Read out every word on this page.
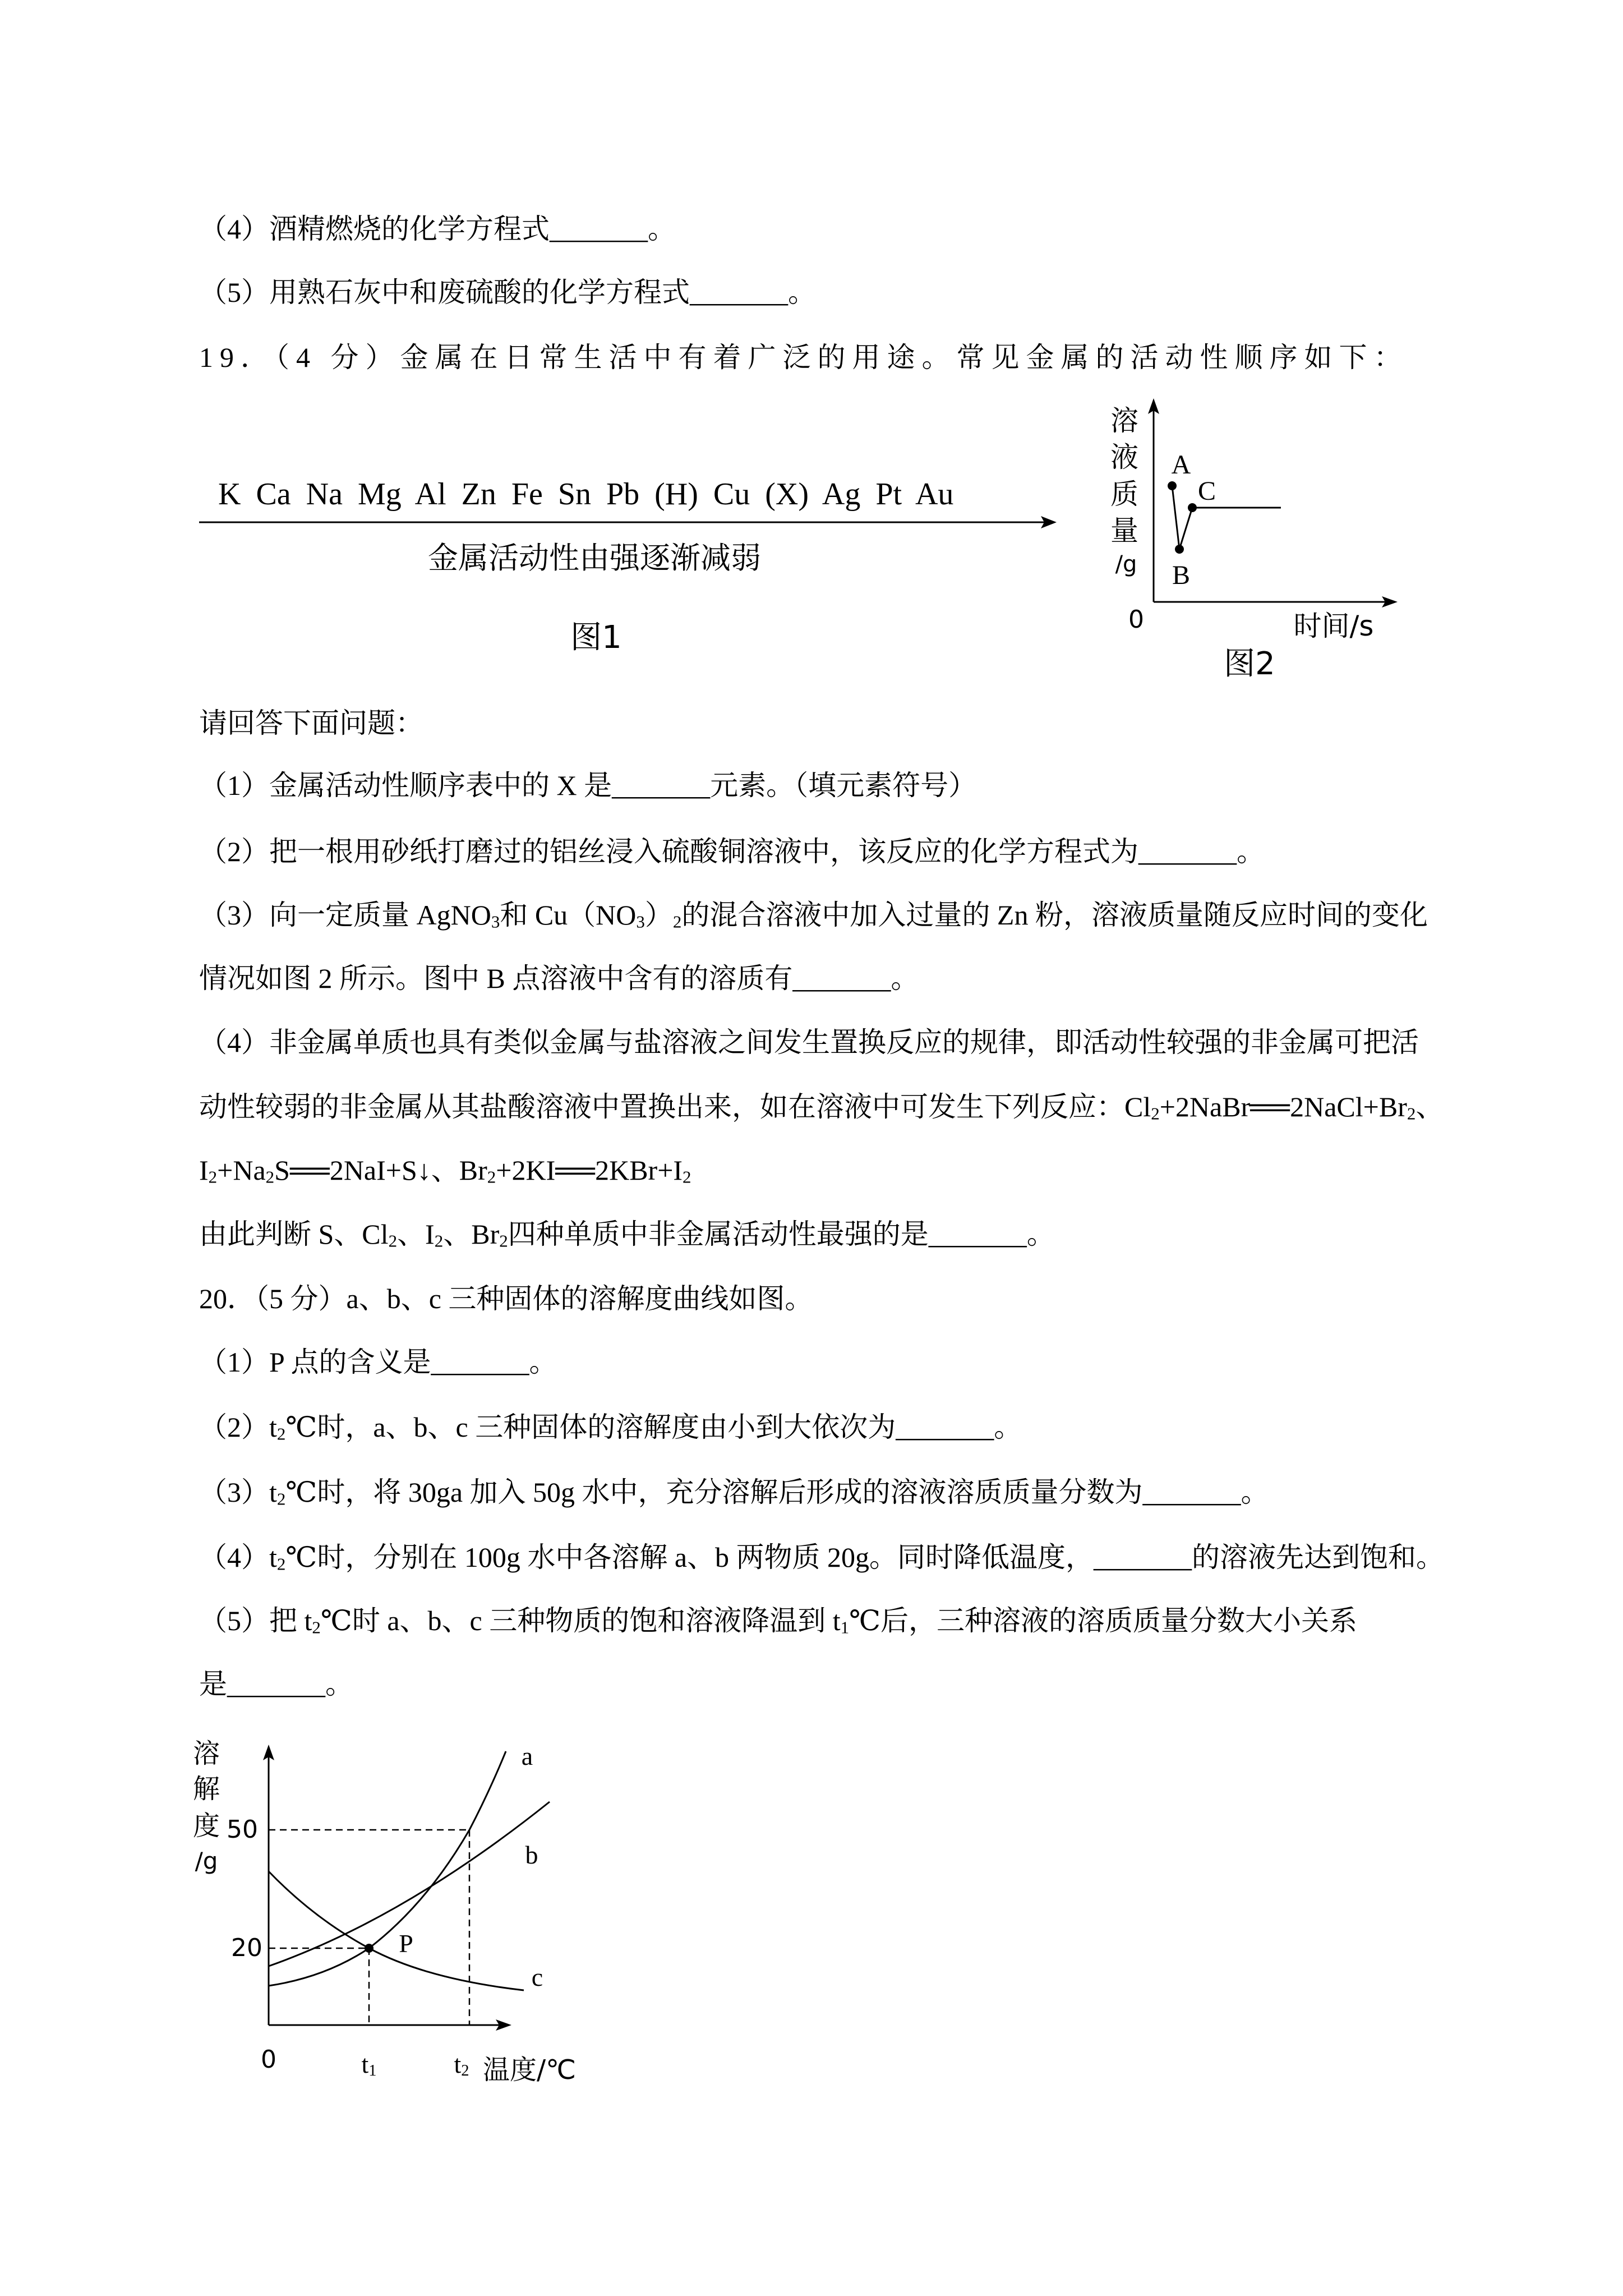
（4）酒精燃烧的化学方程式_______。
（5）用熟石灰中和废硫酸的化学方程式_______。
19．（4 分）金属在日常生活中有着广泛的用途。常见金属的活动性顺序如下：
K Ca Na Mg Al Zn Fe Sn Pb (H) Cu (X) Ag Pt Au
金属活动性由强逐渐减弱
图1
溶
液
质
量
/g
A
B
C
0	时间/s
图2
请回答下面问题：
（1）金属活动性顺序表中的 X 是_______元素。（填元素符号）
（2）把一根用砂纸打磨过的铝丝浸入硫酸铜溶液中，该反应的化学方程式为_______。
（3）向一定质量 AgNO$_3$和 $Cu(NO_3)_2$的混合溶液中加入过量的 Zn 粉，溶液质量随反应时间的变化
情况如图 2 所示。图中 B 点溶液中含有的溶质有_______。
（4）非金属单质也具有类似金属与盐溶液之间发生置换反应的规律，即活动性较强的非金属可把活
动性较弱的非金属从其盐酸溶液中置换出来，如在溶液中可发生下列反应：$Cl_2+2NaBr══2NaCl+Br_2$、
$I_2+Na_2S══2NaI+S↓$、$Br_2+2KI══2KBr+I_2$
由此判断 S、$Cl_2$、$I_2$、$Br_2$四种单质中非金属活动性最强的是_______。
20．（5 分）a、b、c 三种固体的溶解度曲线如图。
（1）P 点的含义是_______。
$(2)t_2℃$时，a、b、c 三种固体的溶解度由小到大依次为_______。
$(3)t_2℃$时，将 30ga 加入 50g 水中，充分溶解后形成的溶液溶质质量分数为_______。
$(4)t_2℃$时，分别在 100g 水中各溶解 a、b 两物质 20g。同时降低温度，_______的溶液先达到饱和。
（5）把 $t_2℃$时 a、b、c 三种物质的饱和溶液降温到 $t_1℃$后，三种溶液的溶质质量分数大小关系
是_______。
溶
解
度
/g
50
20
0	$t_1$	$t_2$ 温度/℃
a
b
c
P
